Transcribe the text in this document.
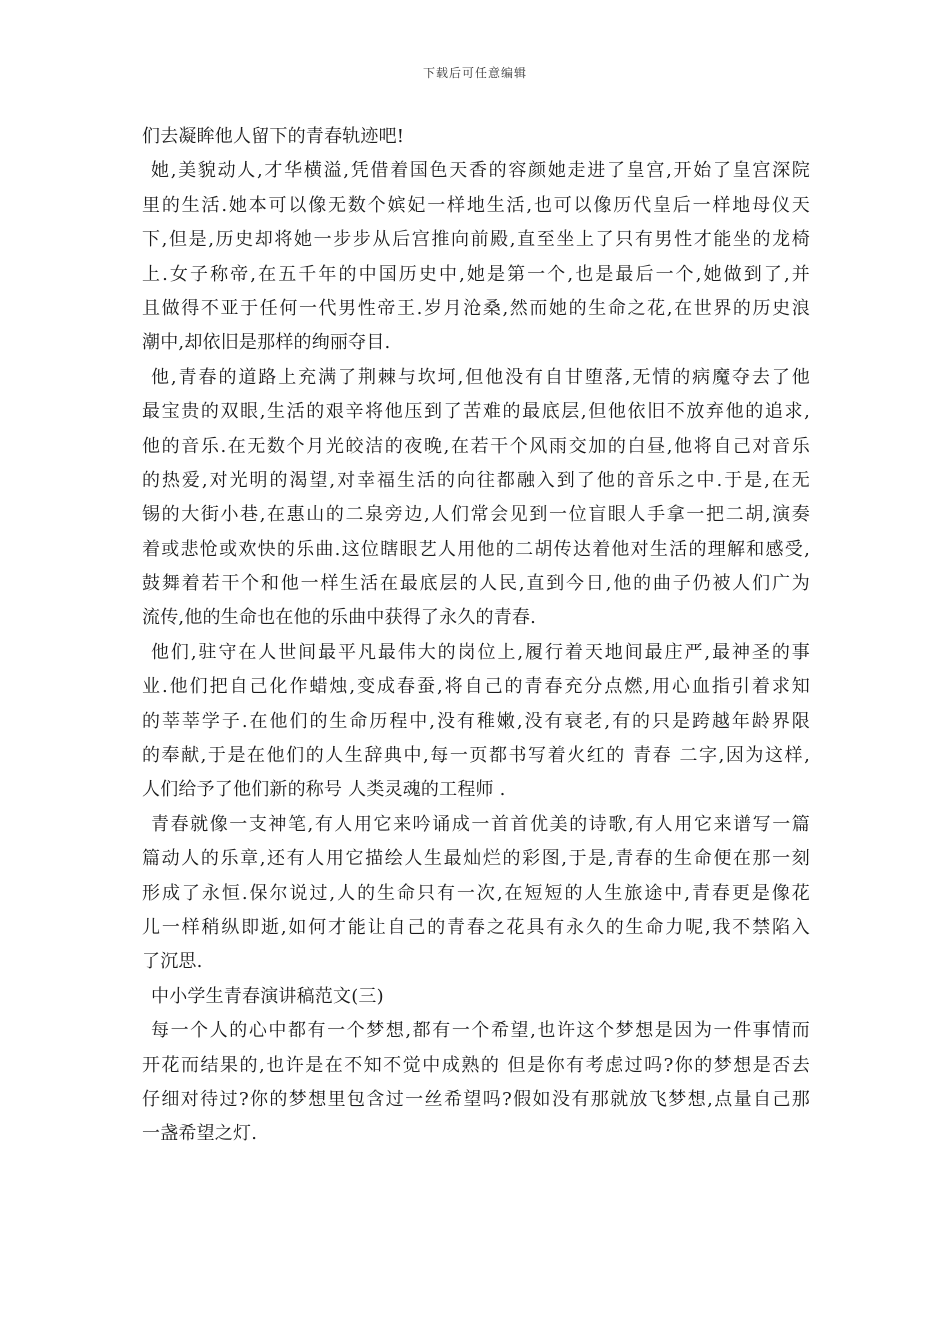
下载后可任意编辑
们去凝眸他人留下的青春轨迹吧!
她,美貌动人,才华横溢,凭借着国色天香的容颜她走进了皇宫,开始了皇宫深院
里的生活.她本可以像无数个嫔妃一样地生活,也可以像历代皇后一样地母仪天
下,但是,历史却将她一步步从后宫推向前殿,直至坐上了只有男性才能坐的龙椅
上.女子称帝,在五千年的中国历史中,她是第一个,也是最后一个,她做到了,并
且做得不亚于任何一代男性帝王.岁月沧桑,然而她的生命之花,在世界的历史浪
潮中,却依旧是那样的绚丽夺目.
他,青春的道路上充满了荆棘与坎坷,但他没有自甘堕落,无情的病魔夺去了他
最宝贵的双眼,生活的艰辛将他压到了苦难的最底层,但他依旧不放弃他的追求,
他的音乐.在无数个月光皎洁的夜晚,在若干个风雨交加的白昼,他将自己对音乐
的热爱,对光明的渴望,对幸福生活的向往都融入到了他的音乐之中.于是,在无
锡的大街小巷,在惠山的二泉旁边,人们常会见到一位盲眼人手拿一把二胡,演奏
着或悲怆或欢快的乐曲.这位瞎眼艺人用他的二胡传达着他对生活的理解和感受,
鼓舞着若干个和他一样生活在最底层的人民,直到今日,他的曲子仍被人们广为
流传,他的生命也在他的乐曲中获得了永久的青春.
他们,驻守在人世间最平凡最伟大的岗位上,履行着天地间最庄严,最神圣的事
业.他们把自己化作蜡烛,变成春蚕,将自己的青春充分点燃,用心血指引着求知
的莘莘学子.在他们的生命历程中,没有稚嫩,没有衰老,有的只是跨越年龄界限
的奉献,于是在他们的人生辞典中,每一页都书写着火红的 青春 二字,因为这样,
人们给予了他们新的称号 人类灵魂的工程师 .
青春就像一支神笔,有人用它来吟诵成一首首优美的诗歌,有人用它来谱写一篇
篇动人的乐章,还有人用它描绘人生最灿烂的彩图,于是,青春的生命便在那一刻
形成了永恒.保尔说过,人的生命只有一次,在短短的人生旅途中,青春更是像花
儿一样稍纵即逝,如何才能让自己的青春之花具有永久的生命力呢,我不禁陷入
了沉思.
中小学生青春演讲稿范文(三)
每一个人的心中都有一个梦想,都有一个希望,也许这个梦想是因为一件事情而
开花而结果的,也许是在不知不觉中成熟的 但是你有考虑过吗?你的梦想是否去
仔细对待过?你的梦想里包含过一丝希望吗?假如没有那就放飞梦想,点量自己那
一盏希望之灯.
